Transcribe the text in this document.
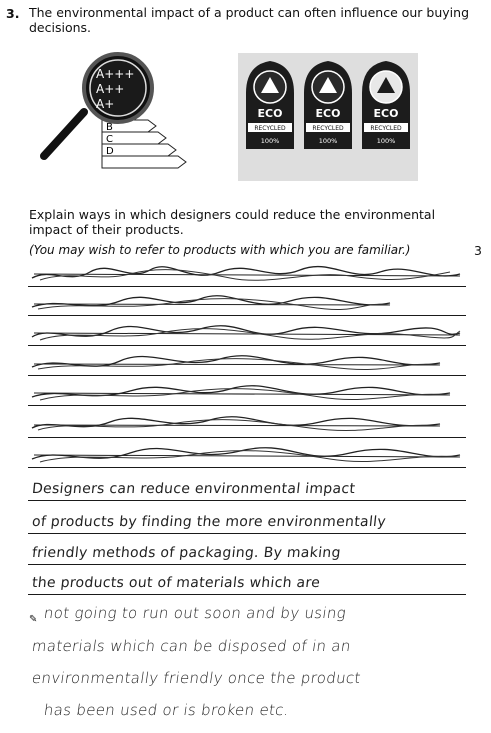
3. The environmental impact of a product can often influence our buying decisions.
B
C
D
A+++
A++
A+
ECO
RECYCLED
100%
ECO
RECYCLED
100%
ECO
RECYCLED
100%
Explain ways in which designers could reduce the environmental impact of their products.
(You may wish to refer to products with which you are familiar.)	3
Designers can reduce environmental impact
of products by finding the more environmentally
friendly methods of packaging. By making
the products out of materials which are
✎ not going to run out soon and by using
materials which can be disposed of in an
environmentally friendly once the product
has been used or is broken etc.
